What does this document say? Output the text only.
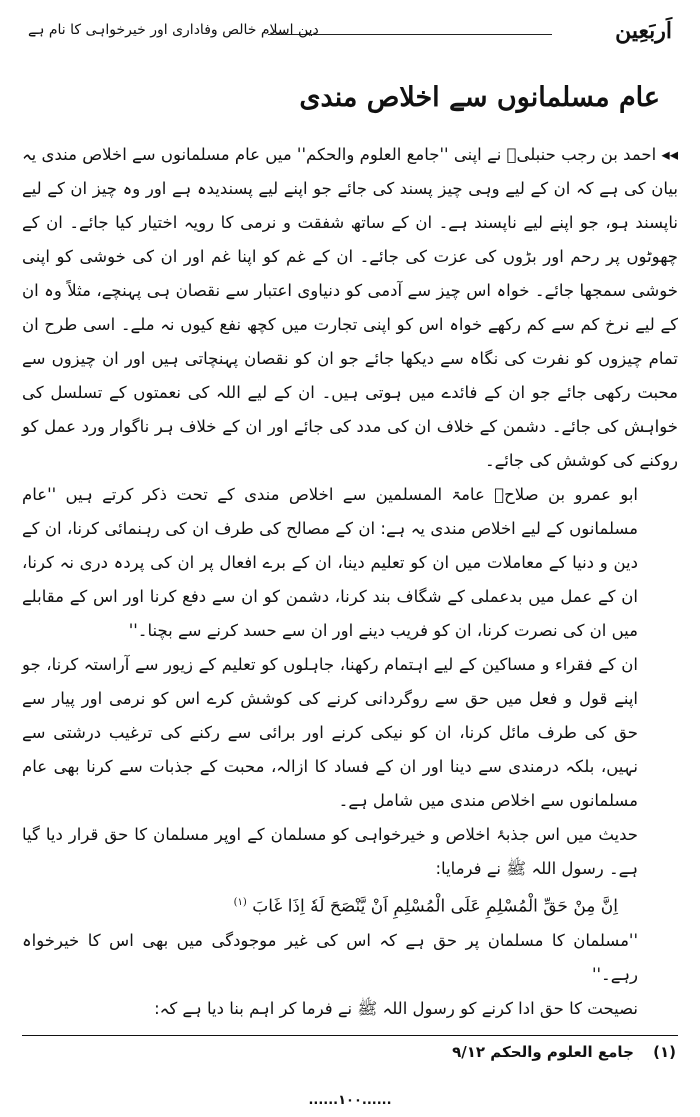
اَربَعِین
دین اسلام خالص وفاداری اور خیرخواہی کا نام ہے
عام مسلمانوں سے اخلاص مندی

◂◂ احمد بن رجب حنبلیؒ نے اپنی ''جامع العلوم والحکم'' میں عام مسلمانوں سے اخلاص مندی یہ بیان کی ہے کہ ان کے لیے وہی چیز پسند کی جائے جو اپنے لیے پسندیدہ ہے اور وہ چیز ان کے لیے ناپسند ہو، جو اپنے لیے ناپسند ہے۔ ان کے ساتھ شفقت و نرمی کا رویہ اختیار کیا جائے۔ ان کے چھوٹوں پر رحم اور بڑوں کی عزت کی جائے۔ ان کے غم کو اپنا غم اور ان کی خوشی کو اپنی خوشی سمجھا جائے۔ خواہ اس چیز سے آدمی کو دنیاوی اعتبار سے نقصان ہی پہنچے، مثلاً وہ ان کے لیے نرخ کم سے کم رکھے خواہ اس کو اپنی تجارت میں کچھ نفع کیوں نہ ملے۔ اسی طرح ان تمام چیزوں کو نفرت کی نگاہ سے دیکھا جائے جو ان کو نقصان پہنچاتی ہیں اور ان چیزوں سے محبت رکھی جائے جو ان کے فائدے میں ہوتی ہیں۔ ان کے لیے اللہ کی نعمتوں کے تسلسل کی خواہش کی جائے۔ دشمن کے خلاف ان کی مدد کی جائے اور ان کے خلاف ہر ناگوار ورد عمل کو روکنے کی کوشش کی جائے۔

ابو عمرو بن صلاحؒ عامۃ المسلمین سے اخلاص مندی کے تحت ذکر کرتے ہیں ''عام مسلمانوں کے لیے اخلاص مندی یہ ہے: ان کے مصالح کی طرف ان کی رہنمائی کرنا، ان کے دین و دنیا کے معاملات میں ان کو تعلیم دینا، ان کے برے افعال پر ان کی پردہ دری نہ کرنا، ان کے عمل میں بدعملی کے شگاف بند کرنا، دشمن کو ان سے دفع کرنا اور اس کے مقابلے میں ان کی نصرت کرنا، ان کو فریب دینے اور ان سے حسد کرنے سے بچنا۔''

ان کے فقراء و مساکین کے لیے اہتمام رکھنا، جاہلوں کو تعلیم کے زیور سے آراستہ کرنا، جو اپنے قول و فعل میں حق سے روگردانی کرنے کی کوشش کرے اس کو نرمی اور پیار سے حق کی طرف مائل کرنا، ان کو نیکی کرنے اور برائی سے رکنے کی ترغیب درشتی سے نہیں، بلکہ درمندی سے دینا اور ان کے فساد کا ازالہ، محبت کے جذبات سے کرنا بھی عام مسلمانوں سے اخلاص مندی میں شامل ہے۔

حدیث میں اس جذبۂ اخلاص و خیرخواہی کو مسلمان کے اوپر مسلمان کا حق قرار دیا گیا ہے۔ رسول اللہ ﷺ نے فرمایا:

اِنَّ مِنْ حَقِّ الْمُسْلِمِ عَلَی الْمُسْلِمِ اَنْ یَّنْصَحَ لَهٗ اِذَا غَابَ $^{(۱)}$

''مسلمان کا مسلمان پر حق ہے کہ اس کی غیر موجودگی میں بھی اس کا خیرخواہ رہے۔''

نصیحت کا حق ادا کرنے کو رسول اللہ ﷺ نے فرما کر اہم بنا دیا ہے کہ:

(۱) جامع العلوم والحکم ۹/۱۲
......۱۰۰......
